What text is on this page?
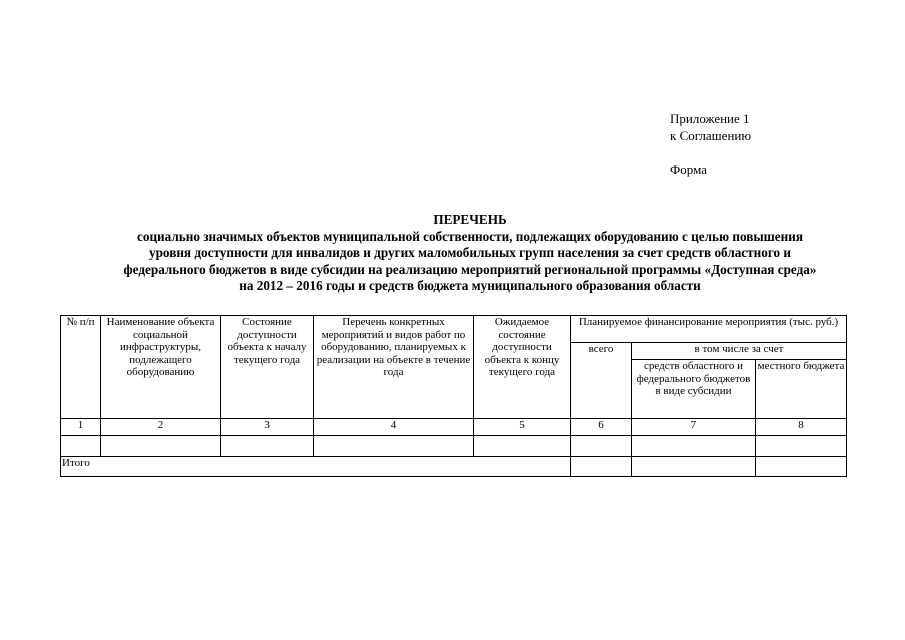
Приложение 1
к Соглашению
Форма
ПЕРЕЧЕНЬ
социально значимых объектов муниципальной собственности, подлежащих оборудованию с целью повышения
уровня доступности для инвалидов и других маломобильных групп населения за счет средств областного и
федерального бюджетов в виде субсидии на реализацию мероприятий региональной программы «Доступная среда»
на 2012 – 2016 годы и средств бюджета муниципального образования области
№ п/п	Наименование объекта социальной инфраструктуры, подлежащего оборудованию	Состояние доступности объекта к началу текущего года	Перечень конкретных мероприятий и видов работ по оборудованию, планируемых к реализации на объекте в течение года	Ожидаемое состояние доступности объекта к концу текущего года	Планируемое финансирование мероприятия (тыс. руб.)		
					всего	в том числе за счет	
						средств областного и федерального бюджетов в виде субсидии	местного бюджета
1	2	3	4	5	6	7	8

Итого							
